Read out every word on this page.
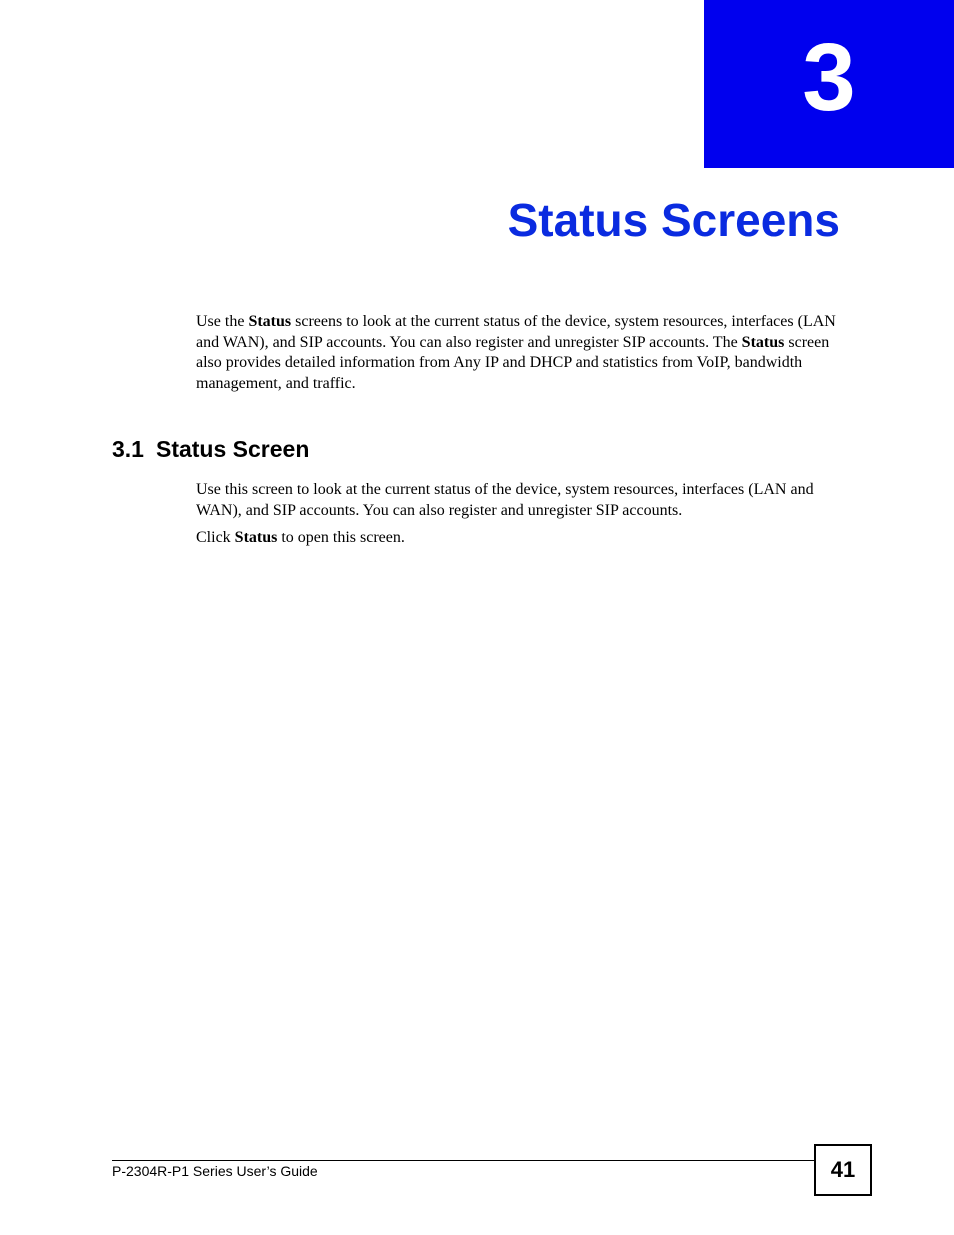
3
Status Screens

Use the Status screens to look at the current status of the device, system resources, interfaces (LAN and WAN), and SIP accounts. You can also register and unregister SIP accounts. The Status screen also provides detailed information from Any IP and DHCP and statistics from VoIP, bandwidth management, and traffic.

3.1 Status Screen

Use this screen to look at the current status of the device, system resources, interfaces (LAN and WAN), and SIP accounts. You can also register and unregister SIP accounts.

Click Status to open this screen.

P-2304R-P1 Series User’s Guide	41
